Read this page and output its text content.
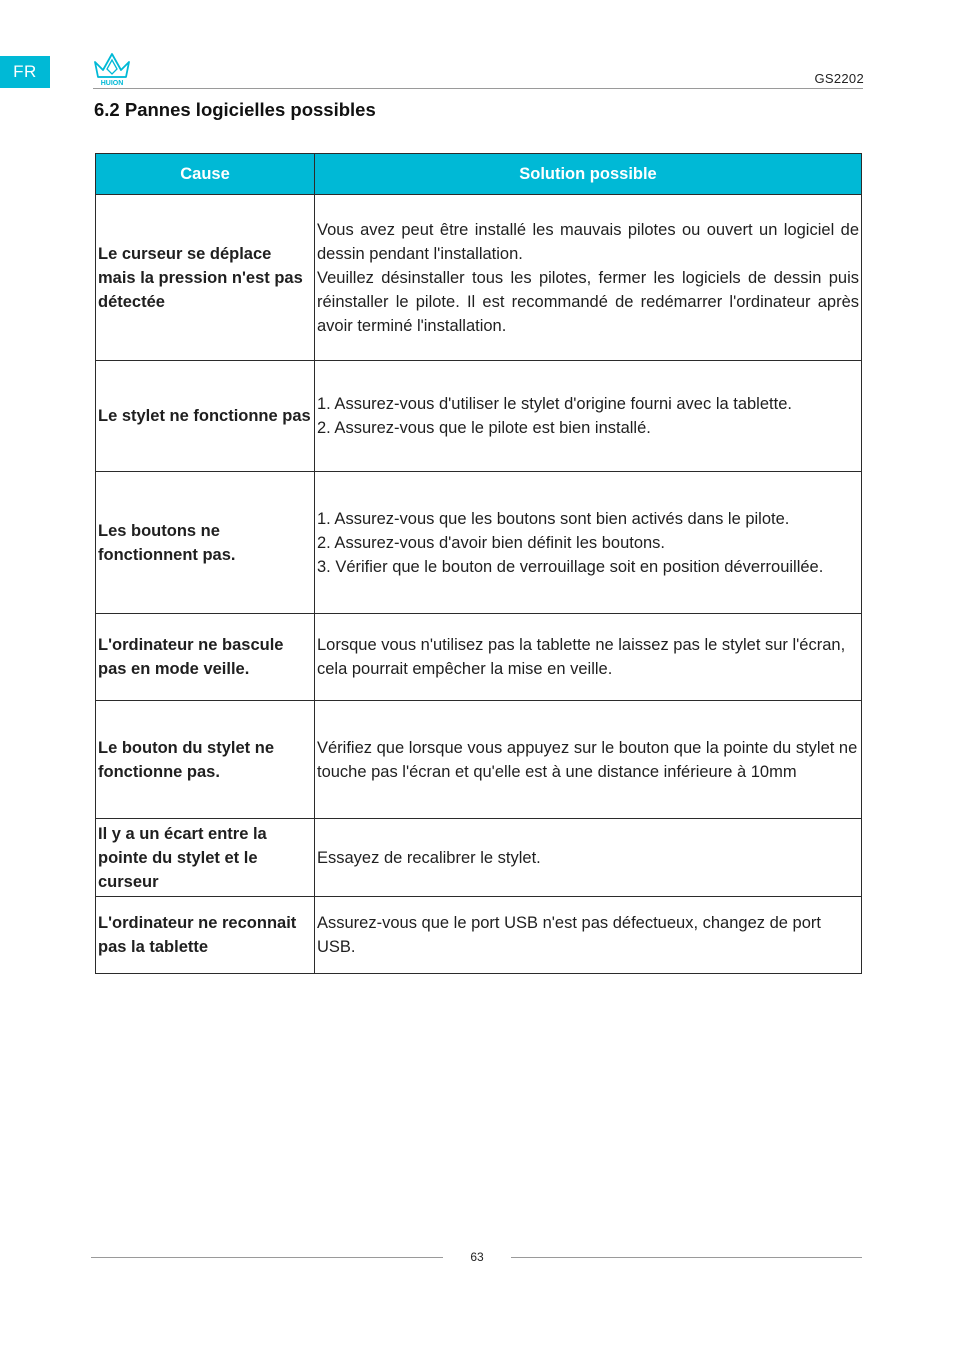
FR
HUION	GS2202
6.2 Pannes logicielles possibles
Cause	Solution possible
Le curseur se déplace mais la pression n'est pas détectée	Vous avez peut être installé les mauvais pilotes ou ouvert un logiciel de dessin pendant l'installation.
Veuillez désinstaller tous les pilotes, fermer les logiciels de dessin puis réinstaller le pilote. Il est recommandé de redémarrer l'ordinateur après avoir terminé l'installation.

Le stylet ne fonctionne pas	1. Assurez-vous d'utiliser le stylet d'origine fourni avec la tablette.
2. Assurez-vous que le pilote est bien installé.

Les boutons ne fonctionnent pas.	1. Assurez-vous que les boutons sont bien activés dans le pilote.
2. Assurez-vous d'avoir bien définit les boutons.
3. Vérifier que le bouton de verrouillage soit en position déverrouillée.

L'ordinateur ne bascule pas en mode veille.	Lorsque vous n'utilisez pas la tablette ne laissez pas le stylet sur l'écran, cela pourrait empêcher la mise en veille.

Le bouton du stylet ne fonctionne pas.	Vérifiez que lorsque vous appuyez sur le bouton que la pointe du stylet ne touche pas l'écran et qu'elle est à une distance inférieure à 10mm

Il y a un écart entre la pointe du stylet et le curseur	Essayez de recalibrer le stylet.

L'ordinateur ne reconnait pas la tablette	Assurez-vous que le port USB n'est pas défectueux, changez de port USB.
63
